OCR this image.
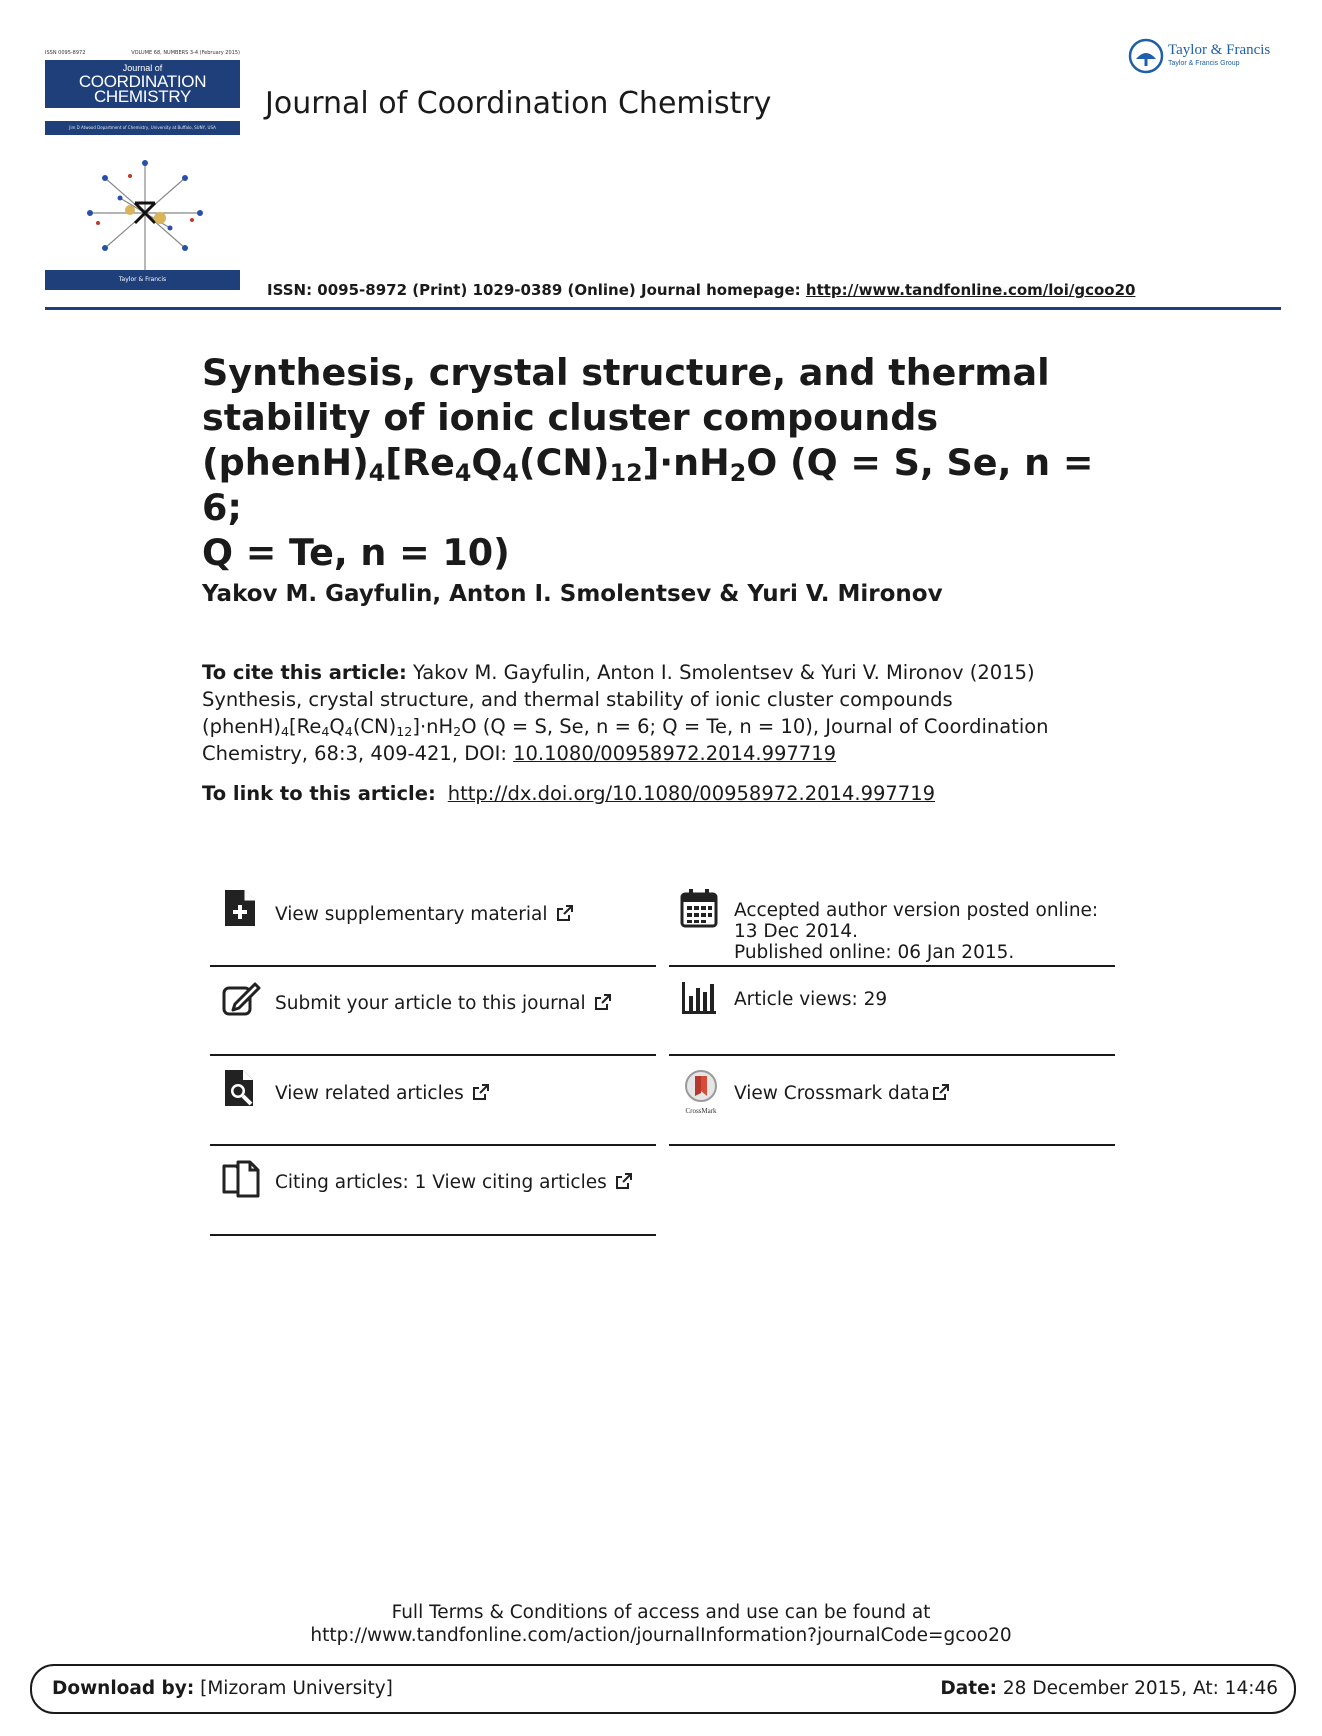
ISSN 0095-8972	VOLUME 68, NUMBERS 3-4 (February 2015)
Journal of
COORDINATION
CHEMISTRY
Jim D Atwood Department of Chemistry, University at Buffalo, SUNY, USA
Taylor & Francis
Journal of Coordination Chemistry
Taylor & Francis
Taylor & Francis Group
ISSN: 0095-8972 (Print) 1029-0389 (Online) Journal homepage: http://www.tandfonline.com/loi/gcoo20
Synthesis, crystal structure, and thermal
stability of ionic cluster compounds
$(phenH)_4[Re_4Q_4(CN)_{12}]\cdot nH_2O$ (Q = S, Se, n = 6;
Q = Te, n = 10)
Yakov M. Gayfulin, Anton I. Smolentsev & Yuri V. Mironov
To cite this article: Yakov M. Gayfulin, Anton I. Smolentsev & Yuri V. Mironov (2015) Synthesis, crystal structure, and thermal stability of ionic cluster compounds $(phenH)_4[Re_4Q_4(CN)_{12}]\cdot nH_2O$ (Q = S, Se, n = 6; Q = Te, n = 10), Journal of Coordination Chemistry, 68:3, 409-421, DOI: 10.1080/00958972.2014.997719
To link to this article: http://dx.doi.org/10.1080/00958972.2014.997719
View supplementary material
Submit your article to this journal
View related articles
Citing articles: 1 View citing articles
Accepted author version posted online: 13 Dec 2014.
Published online: 06 Jan 2015.
Article views: 29
CrossMark
View Crossmark data
Full Terms & Conditions of access and use can be found at
http://www.tandfonline.com/action/journalInformation?journalCode=gcoo20
Download by: [Mizoram University]	Date: 28 December 2015, At: 14:46
